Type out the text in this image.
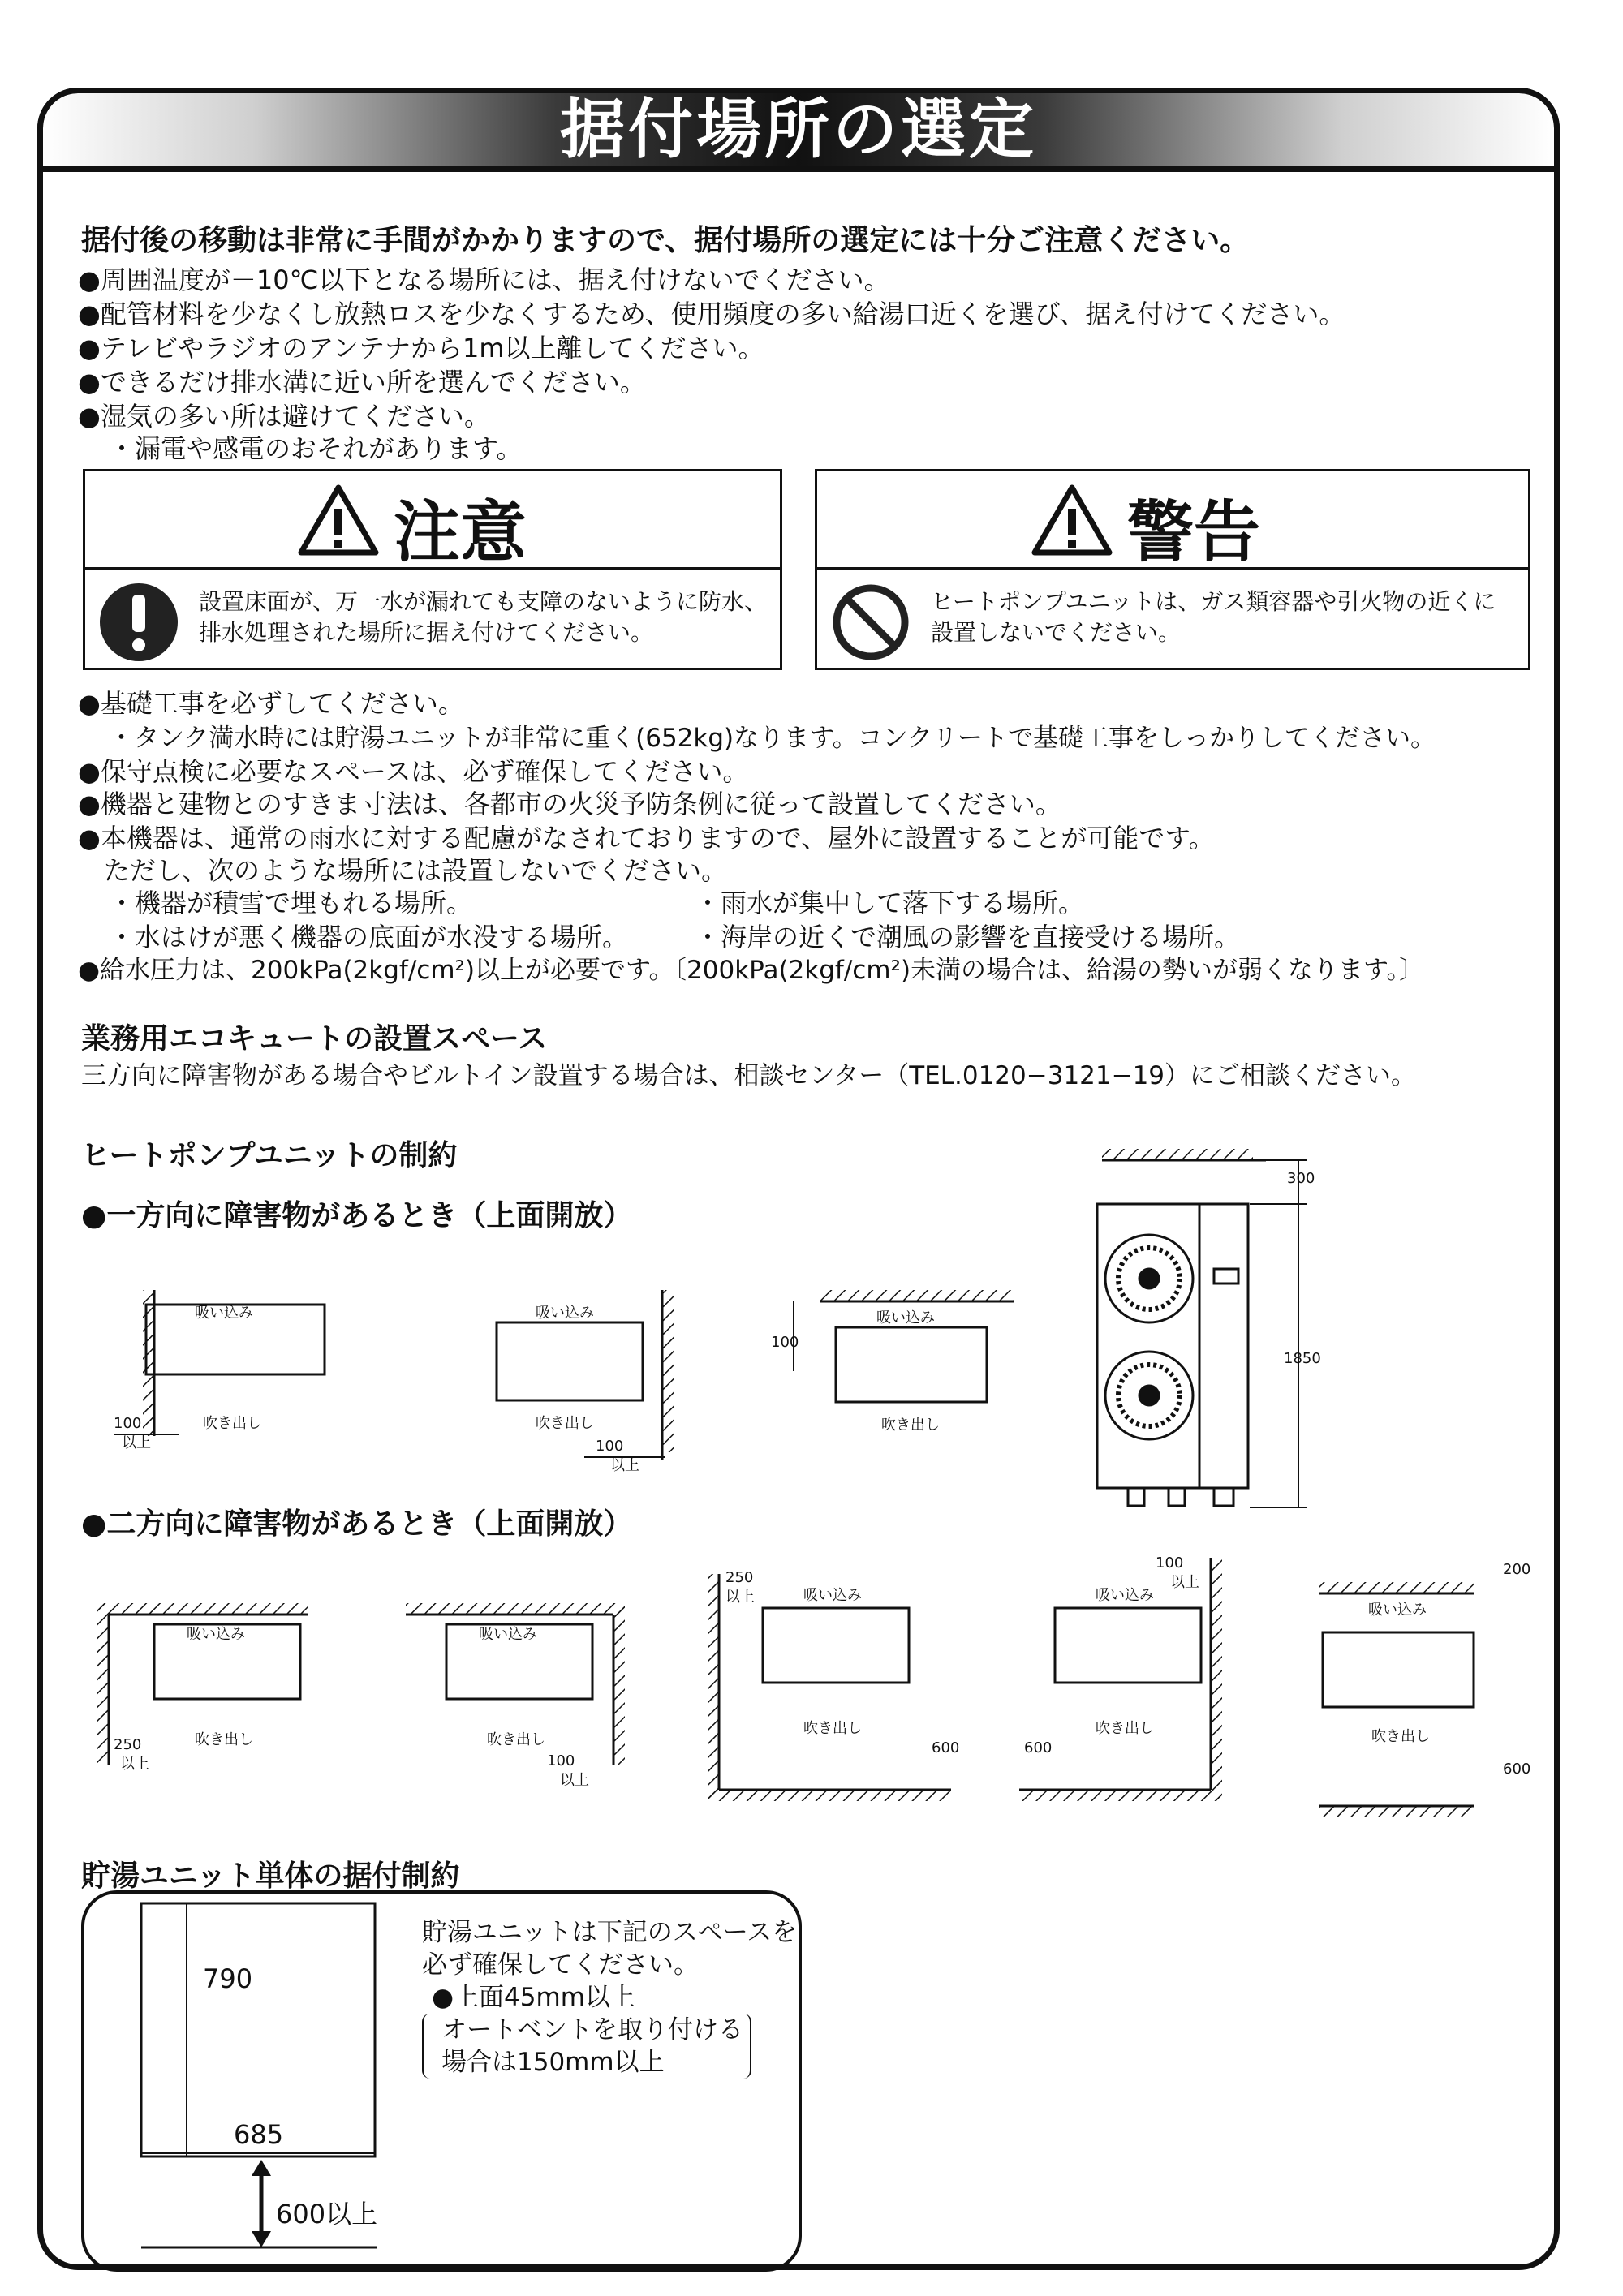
据付場所の選定
据付後の移動は非常に手間がかかりますので、据付場所の選定には十分ご注意ください。
●周囲温度が－10℃以下となる場所には、据え付けないでください。
●配管材料を少なくし放熱ロスを少なくするため、使用頻度の多い給湯口近くを選び、据え付けてください。
●テレビやラジオのアンテナから1m以上離してください。
●できるだけ排水溝に近い所を選んでください。
●湿気の多い所は避けてください。
・漏電や感電のおそれがあります。
注意
設置床面が、万一水が漏れても支障のないように防水、
排水処理された場所に据え付けてください。
警告
ヒートポンプユニットは、ガス類容器や引火物の近くに
設置しないでください。
●基礎工事を必ずしてください。
・タンク満水時には貯湯ユニットが非常に重く(652kg)なります。コンクリートで基礎工事をしっかりしてください。
●保守点検に必要なスペースは、必ず確保してください。
●機器と建物とのすきま寸法は、各都市の火災予防条例に従って設置してください。
●本機器は、通常の雨水に対する配慮がなされておりますので、屋外に設置することが可能です。
ただし、次のような場所には設置しないでください。
・機器が積雪で埋もれる場所。	・雨水が集中して落下する場所。
・水はけが悪く機器の底面が水没する場所。	・海岸の近くで潮風の影響を直接受ける場所。
●給水圧力は、200kPa(2kgf/cm²)以上が必要です。〔200kPa(2kgf/cm²)未満の場合は、給湯の勢いが弱くなります。〕
業務用エコキュートの設置スペース
三方向に障害物がある場合やビルトイン設置する場合は、相談センター（TEL.0120−3121−19）にご相談ください。
ヒートポンプユニットの制約
●一方向に障害物があるとき（上面開放）
●二方向に障害物があるとき（上面開放）
吸い込み
吹き出し
100
以上
吸い込み
吹き出し
100
以上
吸い込み
吹き出し
100
300
1850
吸い込み
吹き出し
250
以上
吸い込み
吹き出し
100
以上
吸い込み
吹き出し
250
以上
600
吸い込み
吹き出し
100
以上
600
吸い込み
吹き出し
200
600
貯湯ユニット単体の据付制約
790
685
600以上
貯湯ユニットは下記のスペースを
必ず確保してください。
●上面45mm以上
オートベントを取り付ける
場合は150mm以上
